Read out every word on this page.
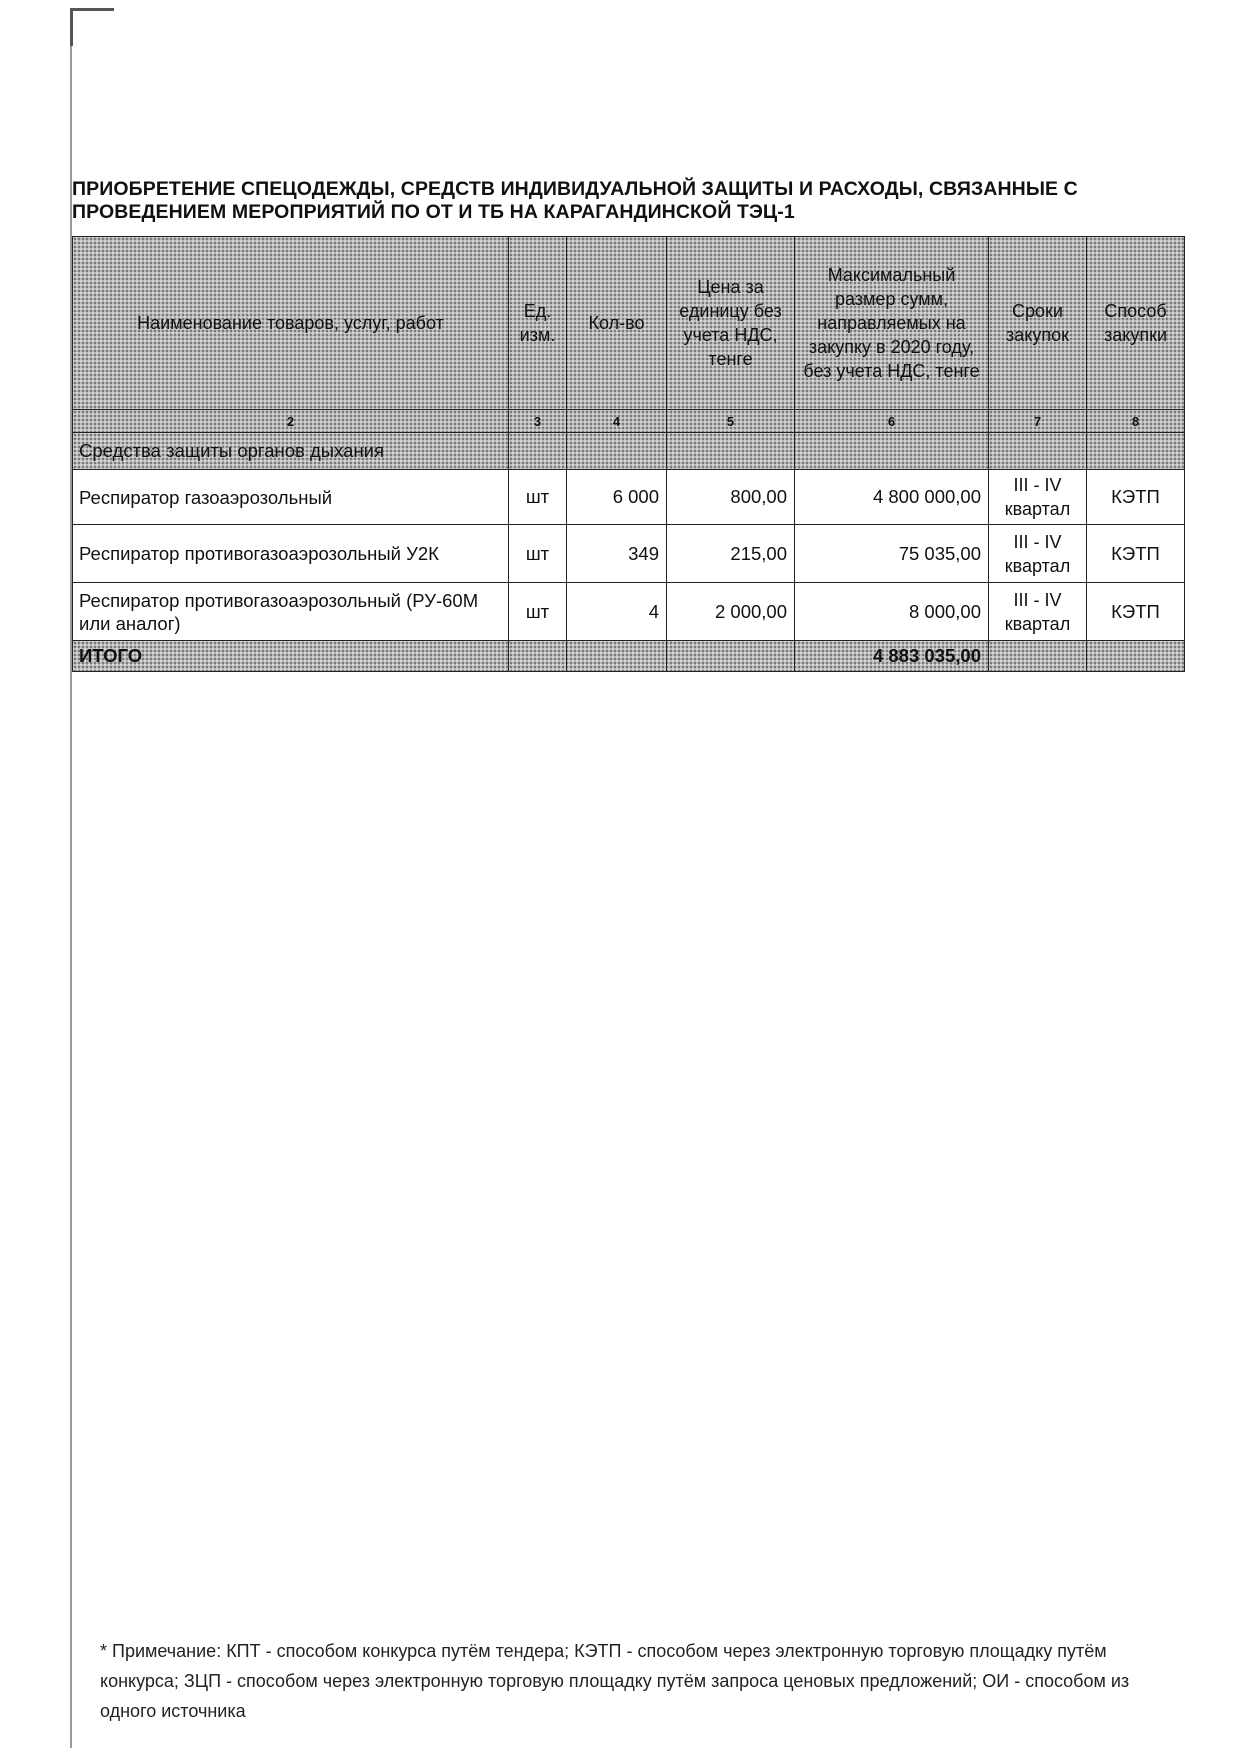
ПРИОБРЕТЕНИЕ СПЕЦОДЕЖДЫ, СРЕДСТВ ИНДИВИДУАЛЬНОЙ ЗАЩИТЫ И РАСХОДЫ, СВЯЗАННЫЕ С ПРОВЕДЕНИЕМ МЕРОПРИЯТИЙ ПО ОТ И ТБ НА КАРАГАНДИНСКОЙ ТЭЦ-1
Наименование товаров, услуг, работ	Ед. изм.	Кол-во	Цена за единицу без учета НДС, тенге	Максимальный размер сумм, направляемых на закупку в 2020 году, без учета НДС, тенге	Сроки закупок	Способ закупки
2	3	4	5	6	7	8
Средства защиты органов дыхания						
Респиратор газоаэрозольный	шт	6 000	800,00	4 800 000,00	III - IV квартал	КЭТП
Респиратор противогазоаэрозольный У2К	шт	349	215,00	75 035,00	III - IV квартал	КЭТП
Респиратор противогазоаэрозольный (РУ-60М или аналог)	шт	4	2 000,00	8 000,00	III - IV квартал	КЭТП
ИТОГО				4 883 035,00		
* Примечание: КПТ - способом конкурса путём тендера; КЭТП - способом через электронную торговую площадку путём конкурса; ЗЦП - способом через электронную торговую площадку путём запроса ценовых предложений; ОИ - способом из одного источника
